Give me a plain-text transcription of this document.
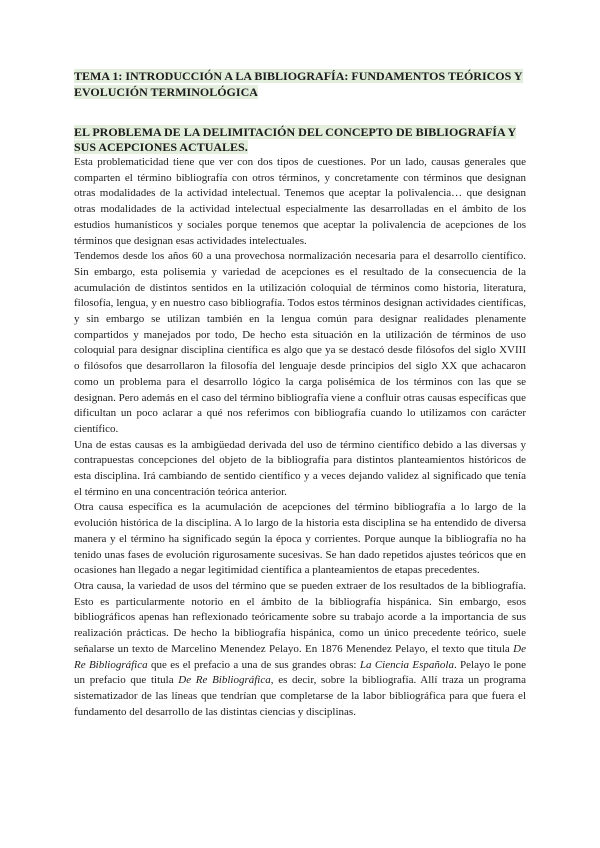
TEMA 1: INTRODUCCIÓN A LA BIBLIOGRAFÍA: FUNDAMENTOS TEÓRICOS Y EVOLUCIÓN TERMINOLÓGICA
EL PROBLEMA DE LA DELIMITACIÓN DEL CONCEPTO DE BIBLIOGRAFÍA Y SUS ACEPCIONES ACTUALES.

Esta problematicidad tiene que ver con dos tipos de cuestiones. Por un lado, causas generales que comparten el término bibliografía con otros términos, y concretamente con términos que designan otras modalidades de la actividad intelectual. Tenemos que aceptar la polivalencia… que designan otras modalidades de la actividad intelectual especialmente las desarrolladas en el ámbito de los estudios humanísticos y sociales porque tenemos que aceptar la polivalencia de acepciones de los términos que designan esas actividades intelectuales.

Tendemos desde los años 60 a una provechosa normalización necesaria para el desarrollo científico. Sin embargo, esta polisemia y variedad de acepciones es el resultado de la consecuencia de la acumulación de distintos sentidos en la utilización coloquial de términos como historia, literatura, filosofía, lengua, y en nuestro caso bibliografía. Todos estos términos designan actividades científicas, y sin embargo se utilizan también en la lengua común para designar realidades plenamente compartidos y manejados por todo, De hecho esta situación en la utilización de términos de uso coloquial para designar disciplina científica es algo que ya se destacó desde filósofos del siglo XVIII o filósofos que desarrollaron la filosofía del lenguaje desde principios del siglo XX que achacaron como un problema para el desarrollo lógico la carga polisémica de los términos con las que se designan. Pero además en el caso del término bibliografía viene a confluir otras causas específicas que dificultan un poco aclarar a qué nos referimos con bibliografía cuando lo utilizamos con carácter científico.

Una de estas causas es la ambigüedad derivada del uso de término científico debido a las diversas y contrapuestas concepciones del objeto de la bibliografía para distintos planteamientos históricos de esta disciplina. Irá cambiando de sentido científico y a veces dejando validez al significado que tenía el término en una concentración teórica anterior.

Otra causa específica es la acumulación de acepciones del término bibliografía a lo largo de la evolución histórica de la disciplina. A lo largo de la historia esta disciplina se ha entendido de diversa manera y el término ha significado según la época y corrientes. Porque aunque la bibliografía no ha tenido unas fases de evolución rigurosamente sucesivas. Se han dado repetidos ajustes teóricos que en ocasiones han llegado a negar legitimidad científica a planteamientos de etapas precedentes.

Otra causa, la variedad de usos del término que se pueden extraer de los resultados de la bibliografía. Esto es particularmente notorio en el ámbito de la bibliografía hispánica. Sin embargo, esos bibliográficos apenas han reflexionado teóricamente sobre su trabajo acorde a la importancia de sus realización prácticas. De hecho la bibliografía hispánica, como un único precedente teórico, suele señalarse un texto de Marcelino Menendez Pelayo. En 1876 Menendez Pelayo, el texto que titula De Re Bibliográfica que es el prefacio a una de sus grandes obras: La Ciencia Española. Pelayo le pone un prefacio que titula De Re Bibliográfica, es decir, sobre la bibliografía. Allí traza un programa sistematizador de las líneas que tendrían que completarse de la labor bibliográfica para que fuera el fundamento del desarrollo de las distintas ciencias y disciplinas.
